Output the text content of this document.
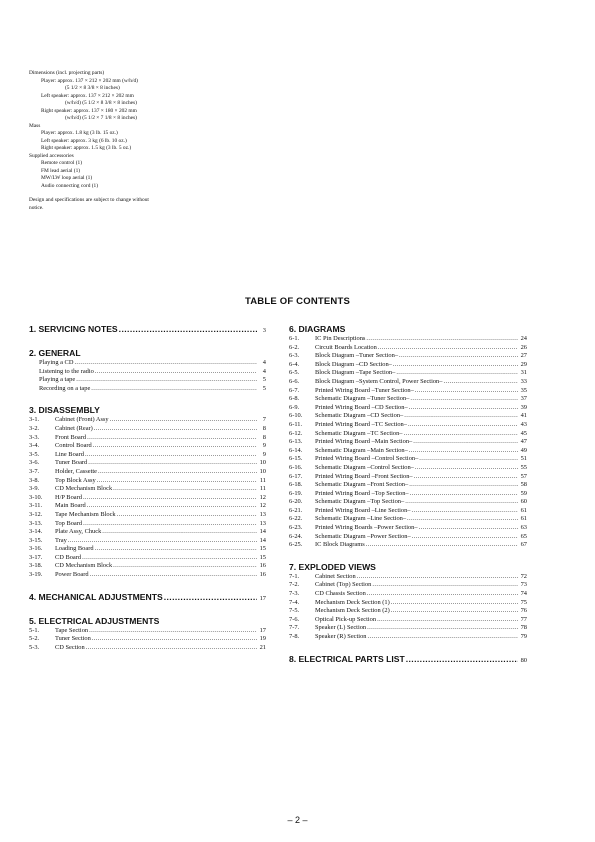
Dimensions (incl. projecting parts)
Player: approx. 137 × 212 × 202 mm (w/h/d)
(5 1/2 × 8 3/8 × 8 inches)
Left speaker: approx. 137 × 212 × 202 mm
(w/h/d) (5 1/2 × 8 3/8 × 8 inches)
Right speaker: approx. 137 × 180 × 202 mm
(w/h/d) (5 1/2 × 7 1/8 × 8 inches)
Mass
Player: approx. 1.8 kg (3 lb. 15 oz.)
Left speaker: approx. 3 kg (6 lb. 10 oz.)
Right speaker: approx. 1.5 kg (3 lb. 5 oz.)
Supplied accessories
Remote control (1)
FM lead aerial (1)
MW/LW loop aerial (1)
Audio connecting cord (1)
Design and specifications are subject to change without
notice.
TABLE OF CONTENTS
1. SERVICING NOTES .....	3
2. GENERAL
Playing a CD .....	4
Listening to the radio .....	4
Playing a tape .....	5
Recording on a tape .....	5
3. DISASSEMBLY
3-1.	Cabinet (Front) Assy .....	7
3-2.	Cabinet (Rear) .....	8
3-3.	Front Board .....	8
3-4.	Control Board .....	9
3-5.	Line Board .....	9
3-6.	Tuner Board .....	10
3-7.	Holder, Cassette .....	10
3-8.	Top Block Assy .....	11
3-9.	CD Mechanism Block .....	11
3-10.	H/P Board .....	12
3-11.	Main Board .....	12
3-12.	Tape Mechanism Block .....	13
3-13.	Top Board .....	13
3-14.	Plate Assy, Chuck .....	14
3-15.	Tray .....	14
3-16.	Loading Board .....	15
3-17.	CD Board .....	15
3-18.	CD Mechanism Block .....	16
3-19.	Power Board .....	16
4. MECHANICAL ADJUSTMENTS .....	17
5. ELECTRICAL ADJUSTMENTS
5-1.	Tape Section .....	17
5-2.	Tuner Section .....	19
5-3.	CD Section .....	21
6. DIAGRAMS
6-1.	IC Pin Descriptions .....	24
6-2.	Circuit Boards Location .....	26
6-3.	Block Diagram –Tuner Section– .....	27
6-4.	Block Diagram –CD Section– .....	29
6-5.	Block Diagram –Tape Section– .....	31
6-6.	Block Diagram –System Control, Power Section– .....	33
6-7.	Printed Wiring Board –Tuner Section– .....	35
6-8.	Schematic Diagram –Tuner Section– .....	37
6-9.	Printed Wiring Board –CD Section– .....	39
6-10.	Schematic Diagram –CD Section– .....	41
6-11.	Printed Wiring Board –TC Section– .....	43
6-12.	Schematic Diagram –TC Section– .....	45
6-13.	Printed Wiring Board –Main Section– .....	47
6-14.	Schematic Diagram –Main Section– .....	49
6-15.	Printed Wiring Board –Control Section– .....	51
6-16.	Schematic Diagram –Control Section– .....	55
6-17.	Printed Wiring Board –Front Section– .....	57
6-18.	Schematic Diagram –Front Section– .....	58
6-19.	Printed Wiring Board –Top Section– .....	59
6-20.	Schematic Diagram –Top Section– .....	60
6-21.	Printed Wiring Board –Line Section– .....	61
6-22.	Schematic Diagram –Line Section– .....	61
6-23.	Printed Wiring Boards –Power Section– .....	63
6-24.	Schematic Diagram –Power Section– .....	65
6-25.	IC Block Diagrams .....	67
7. EXPLODED VIEWS
7-1.	Cabinet Section .....	72
7-2.	Cabinet (Top) Section .....	73
7-3.	CD Chassis Section .....	74
7-4.	Mechanism Deck Section (1) .....	75
7-5.	Mechanism Deck Section (2) .....	76
7-6.	Optical Pick-up Section .....	77
7-7.	Speaker (L) Section .....	78
7-8.	Speaker (R) Section .....	79
8. ELECTRICAL PARTS LIST .....	80
– 2 –
